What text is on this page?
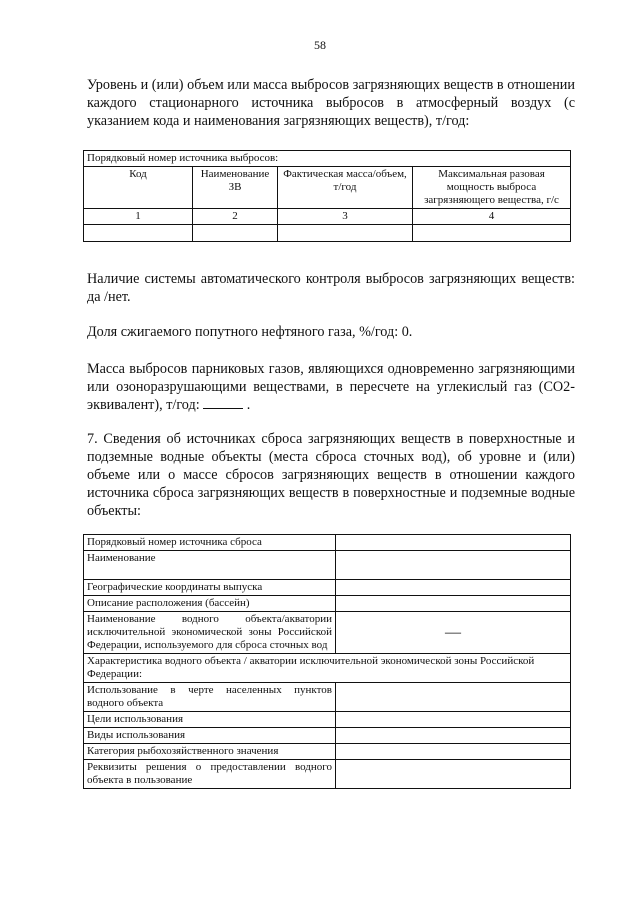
58
Уровень и (или) объем или масса выбросов загрязняющих веществ в отношении каждого стационарного источника выбросов в атмосферный воздух (с указанием кода и наименования загрязняющих веществ), т/год:
Порядковый номер источника выбросов:			
Код	Наименование ЗВ	Фактическая масса/объем, т/год	Максимальная разовая мощность выброса загрязняющего вещества, г/с
1	2	3	4

Наличие системы автоматического контроля выбросов загрязняющих веществ: да /нет.
Доля сжигаемого попутного нефтяного газа, %/год: 0.
Масса выбросов парниковых газов, являющихся одновременно загрязняющими или озоноразрушающими веществами, в пересчете на углекислый газ (СО2-эквивалент), т/год:	.
7. Сведения об источниках сброса загрязняющих веществ в поверхностные и подземные водные объекты (места сброса сточных вод), об уровне и (или) объеме или о массе сбросов загрязняющих веществ в отношении каждого источника сброса загрязняющих веществ в поверхностные и подземные водные объекты:
Порядковый номер источника сброса	
Наименование	
Географические координаты выпуска	
Описание расположения (бассейн)	
Наименование водного объекта/акватории исключительной экономической зоны Российской Федерации, используемого для сброса сточных вод	—
Характеристика водного объекта / акватории исключительной экономической зоны Российской Федерации:	
Использование в черте населенных пунктов водного объекта	
Цели использования	
Виды использования	
Категория рыбохозяйственного значения	
Реквизиты решения о предоставлении водного объекта в пользование	
